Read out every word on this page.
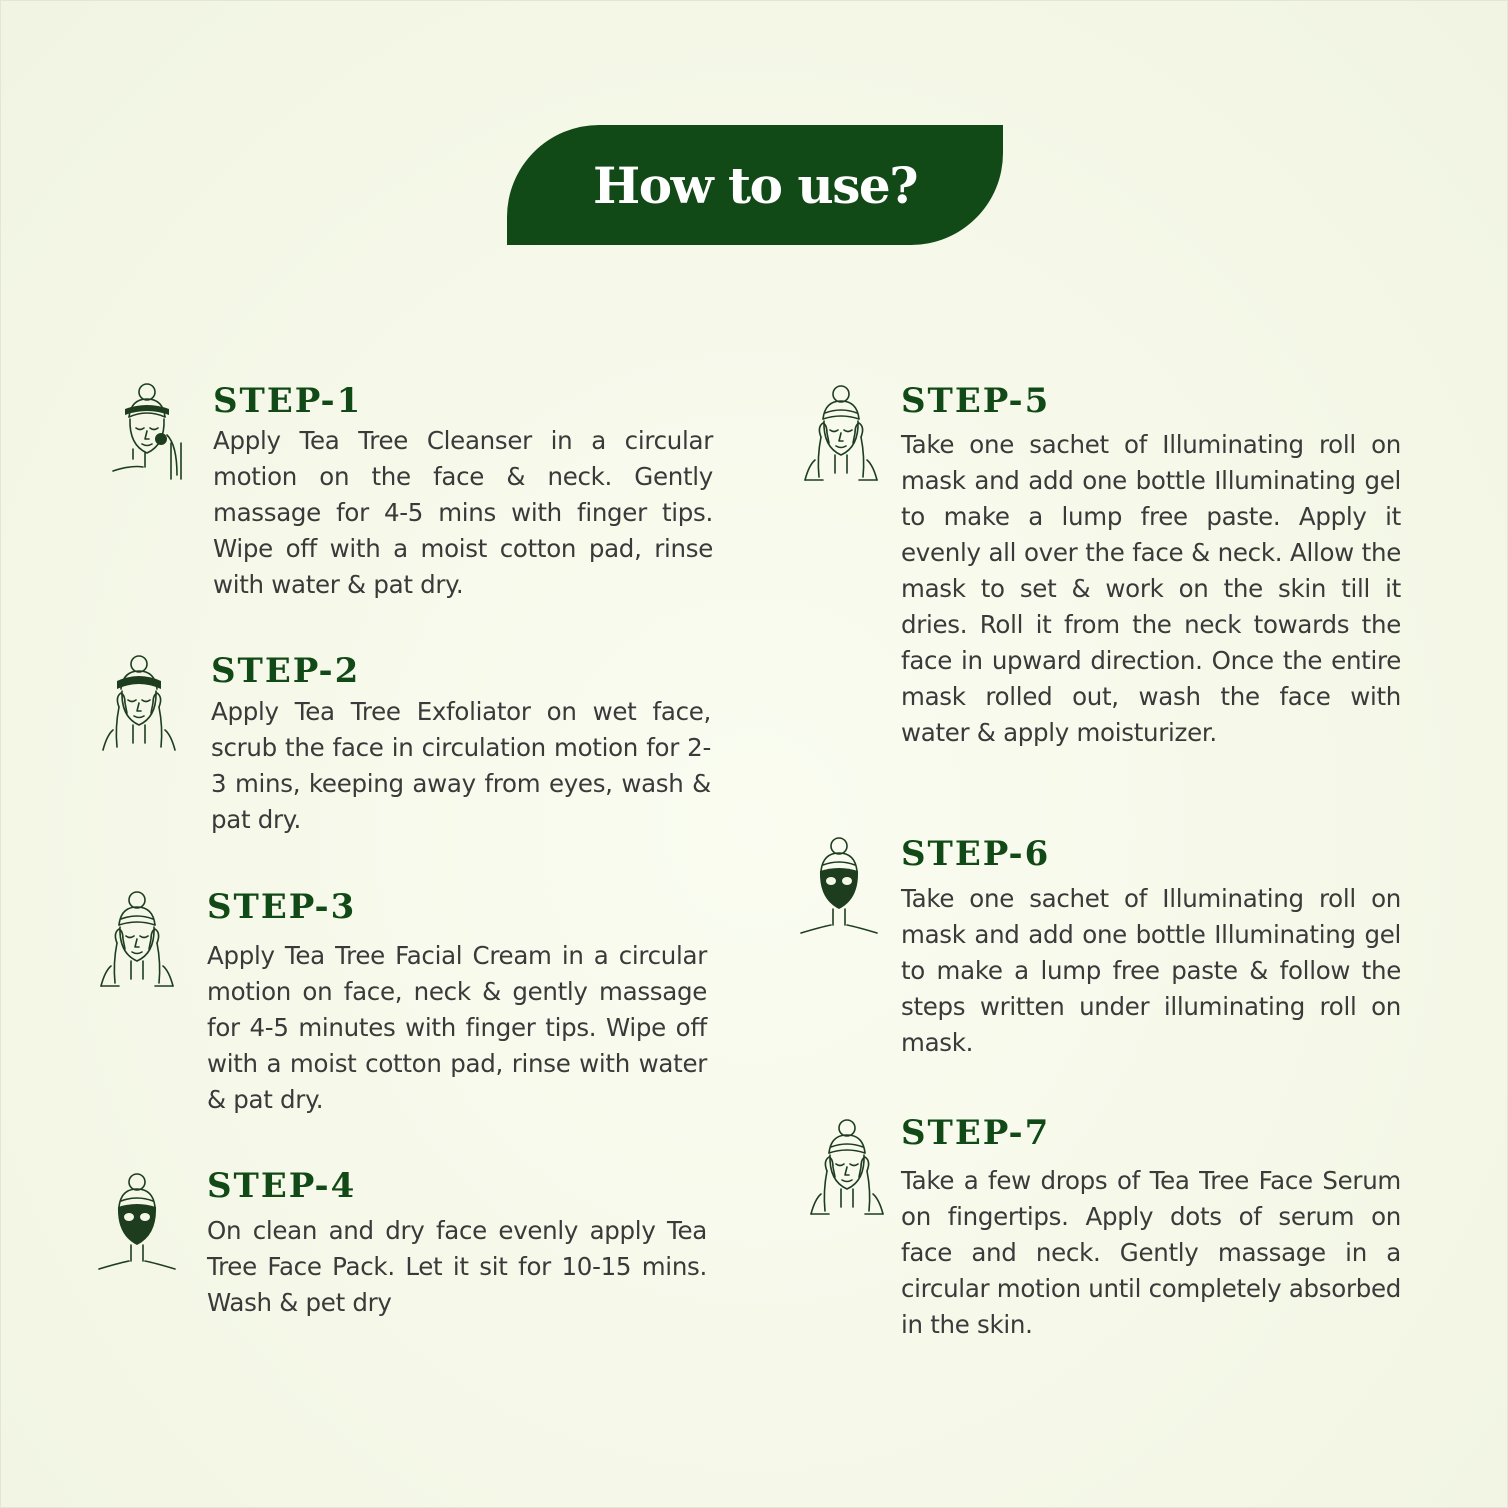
How to use?
STEP-1
Apply Tea Tree Cleanser in a circular motion on the face & neck. Gently massage for 4-5 mins with finger tips. Wipe off with a moist cotton pad, rinse with water & pat dry.
STEP-2
Apply Tea Tree Exfoliator on wet face, scrub the face in circulation motion for 2-3 mins, keeping away from eyes, wash & pat dry.
STEP-3
Apply Tea Tree Facial Cream in a circular motion on face, neck & gently massage for 4-5 minutes with finger tips. Wipe off with a moist cotton pad, rinse with water & pat dry.
STEP-4
On clean and dry face evenly apply Tea Tree Face Pack. Let it sit for 10-15 mins. Wash & pet dry
STEP-5
Take one sachet of Illuminating roll on mask and add one bottle Illuminating gel to make a lump free paste. Apply it evenly all over the face & neck. Allow the mask to set & work on the skin till it dries. Roll it from the neck towards the face in upward direction. Once the entire mask rolled out, wash the face with water & apply moisturizer.
STEP-6
Take one sachet of Illuminating roll on mask and add one bottle Illuminating gel to make a lump free paste & follow the steps written under illuminating roll on mask.
STEP-7
Take a few drops of Tea Tree Face Serum on fingertips. Apply dots of serum on face and neck. Gently massage in a circular motion until completely absorbed in the skin.
